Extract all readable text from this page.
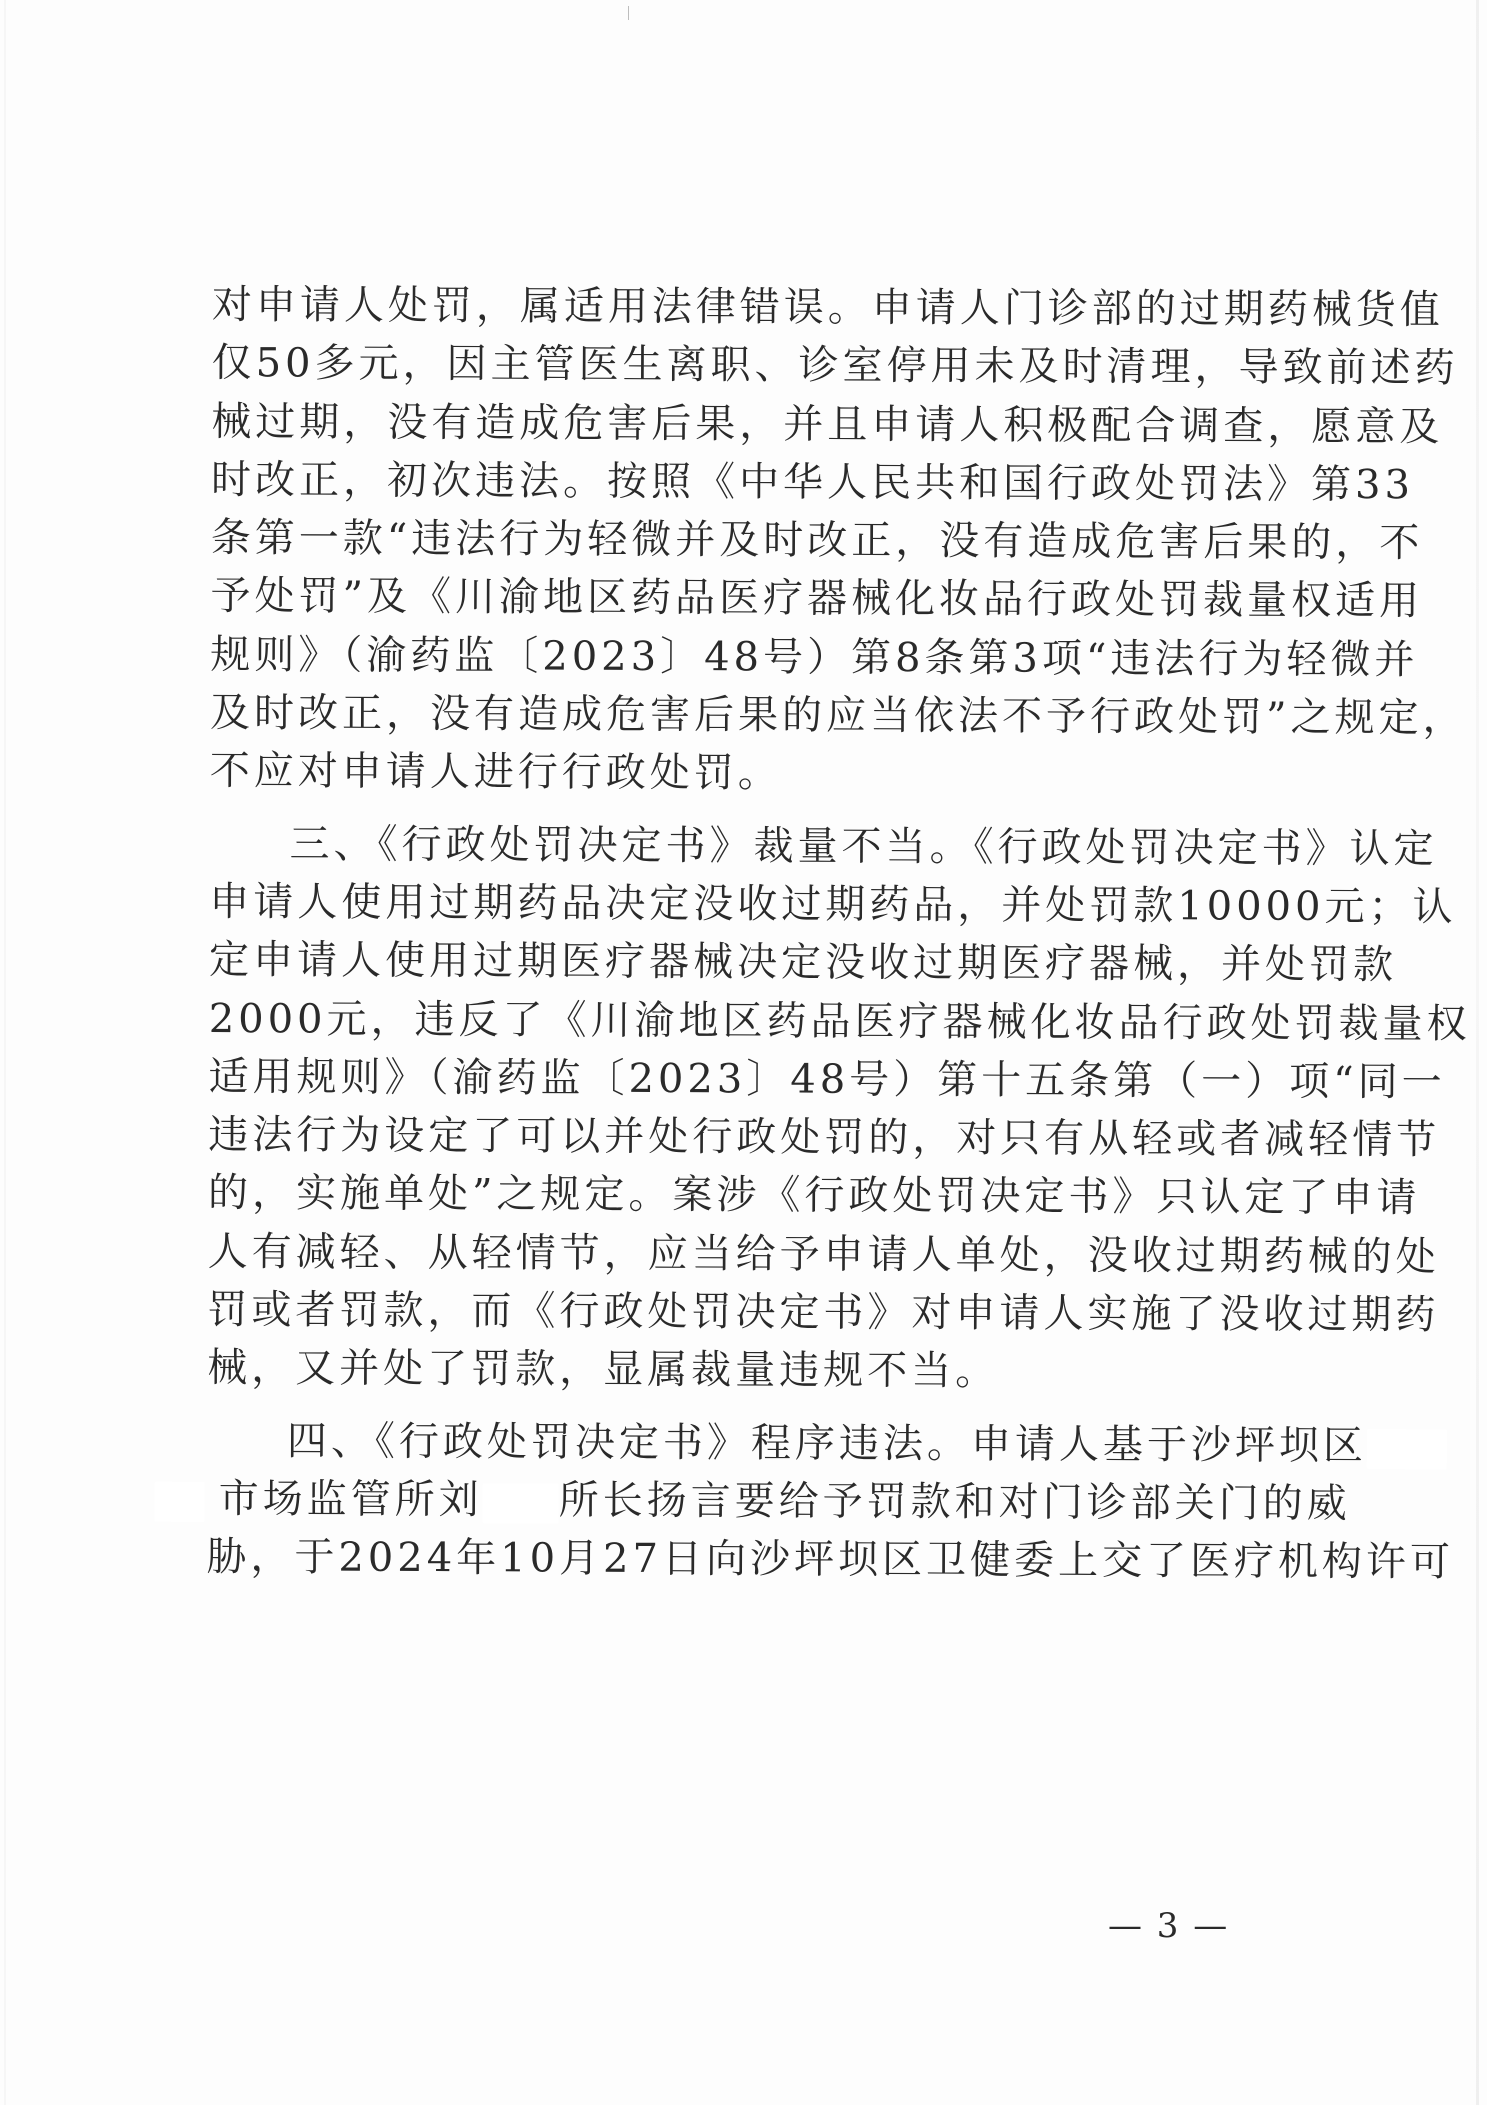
对申请人处罚，属适用法律错误。申请人门诊部的过期药械货值
仅50多元，因主管医生离职、诊室停用未及时清理，导致前述药
械过期，没有造成危害后果，并且申请人积极配合调查，愿意及
时改正，初次违法。按照《中华人民共和国行政处罚法》第33
条第一款“违法行为轻微并及时改正，没有造成危害后果的，不
予处罚”及《川渝地区药品医疗器械化妆品行政处罚裁量权适用
规则》（渝药监〔2023〕48号）第8条第3项“违法行为轻微并
及时改正，没有造成危害后果的应当依法不予行政处罚”之规定，
不应对申请人进行行政处罚。
三、《行政处罚决定书》裁量不当。《行政处罚决定书》认定
申请人使用过期药品决定没收过期药品，并处罚款10000元；认
定申请人使用过期医疗器械决定没收过期医疗器械，并处罚款
2000元，违反了《川渝地区药品医疗器械化妆品行政处罚裁量权
适用规则》（渝药监〔2023〕48号）第十五条第（一）项“同一
违法行为设定了可以并处行政处罚的，对只有从轻或者减轻情节
的，实施单处”之规定。案涉《行政处罚决定书》只认定了申请
人有减轻、从轻情节，应当给予申请人单处，没收过期药械的处
罚或者罚款，而《行政处罚决定书》对申请人实施了没收过期药
械，又并处了罚款，显属裁量违规不当。
四、《行政处罚决定书》程序违法。申请人基于沙坪坝区
市场监管所刘 所长扬言要给予罚款和对门诊部关门的威
胁，于2024年10月27日向沙坪坝区卫健委上交了医疗机构许可
— 3 —
